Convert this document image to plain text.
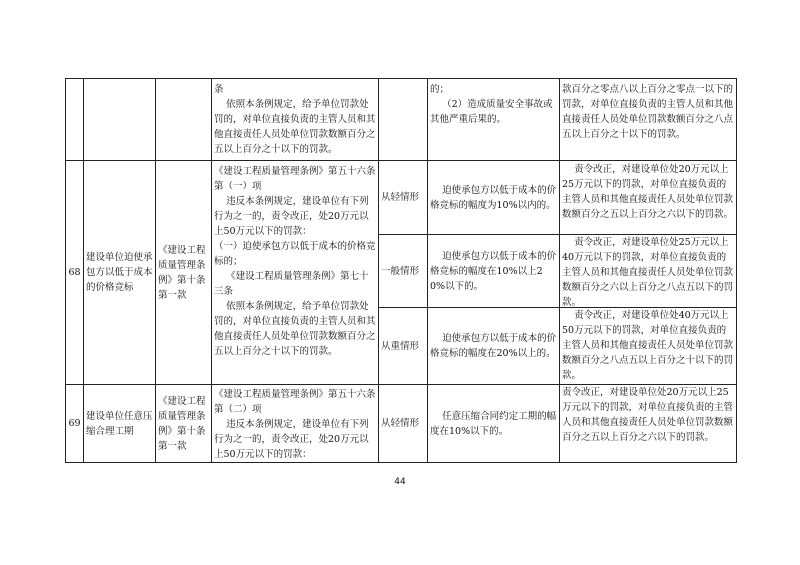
条
依照本条例规定，给予单位罚款处罚的，对单位直接负责的主管人员和其他直接责任人员处单位罚款数额百分之五以上百分之十以下的罚款。
的；
（2）造成质量安全事故或其他严重后果的。
款百分之零点八以上百分之零点一以下的罚款，对单位直接负责的主管人员和其他直接责任人员处单位罚款数额百分之八点五以上百分之十以下的罚款。
68
建设单位迫使承包方以低于成本的价格竞标
《建设工程质量管理条例》第十条第一款
《建设工程质量管理条例》第五十六条第（一）项
违反本条例规定，建设单位有下列行为之一的，责令改正，处20万元以上50万元以下的罚款：
（一）迫使承包方以低于成本的价格竞标的；
《建设工程质量管理条例》第七十三条
依照本条例规定，给予单位罚款处罚的，对单位直接负责的主管人员和其他直接责任人员处单位罚款数额百分之五以上百分之十以下的罚款。
从轻情形
迫使承包方以低于成本的价格竞标的幅度为10%以内的。
责令改正，对建设单位处20万元以上25万元以下的罚款，对单位直接负责的主管人员和其他直接责任人员处单位罚款数额百分之五以上百分之六以下的罚款。
一般情形
迫使承包方以低于成本的价格竞标的幅度在10%以上20%以下的。
责令改正，对建设单位处25万元以上40万元以下的罚款，对单位直接负责的主管人员和其他直接责任人员处单位罚款数额百分之六以上百分之八点五以下的罚款。
从重情形
迫使承包方以低于成本的价格竞标的幅度在20%以上的。
责令改正，对建设单位处40万元以上50万元以下的罚款，对单位直接负责的主管人员和其他直接责任人员处单位罚款数额百分之八点五以上百分之十以下的罚款。
69
建设单位任意压缩合理工期
《建设工程质量管理条例》第十条第一款
《建设工程质量管理条例》第五十六条第（二）项
违反本条例规定，建设单位有下列行为之一的，责令改正，处20万元以上50万元以下的罚款：
从轻情形
任意压缩合同约定工期的幅度在10%以下的。
责令改正，对建设单位处20万元以上25万元以下的罚款，对单位直接负责的主管人员和其他直接责任人员处单位罚款数额百分之五以上百分之六以下的罚款。
44
